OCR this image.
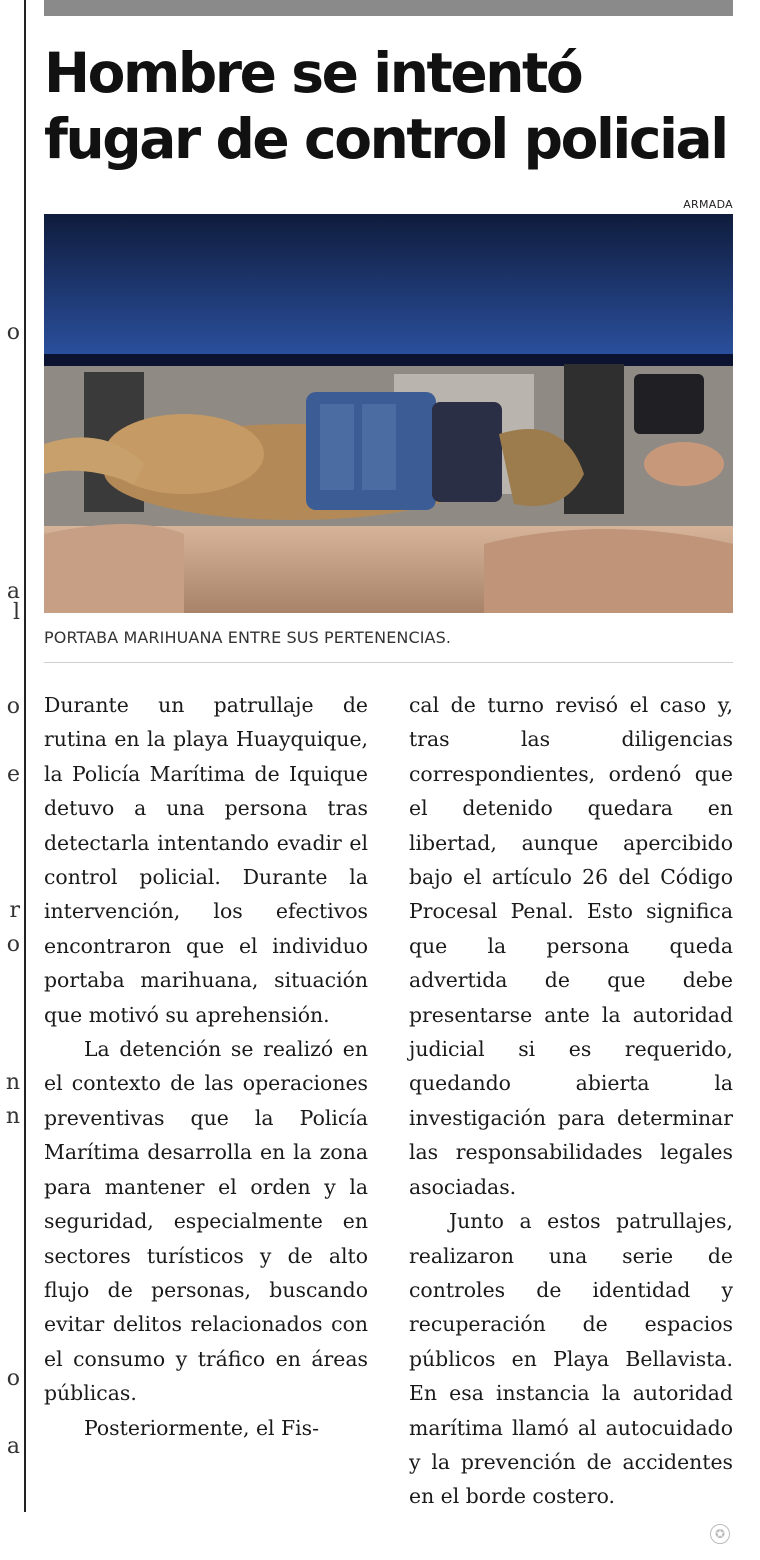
o
a
l
o
e
r
o
n
n
o
a
Hombre se intentó fugar de control policial
ARMADA
PORTABA MARIHUANA ENTRE SUS PERTENENCIAS.

Durante un patrullaje de rutina en la playa Huayquique, la Policía Marítima de Iquique detuvo a una persona tras detectarla intentando evadir el control policial. Durante la intervención, los efectivos encontraron que el individuo portaba marihuana, situación que motivó su aprehensión.

La detención se realizó en el contexto de las operaciones preventivas que la Policía Marítima desarrolla en la zona para mantener el orden y la seguridad, especialmente en sectores turísticos y de alto flujo de personas, buscando evitar delitos relacionados con el consumo y tráfico en áreas públicas.

Posteriormente, el Fis-

cal de turno revisó el caso y, tras las diligencias correspondientes, ordenó que el detenido quedara en libertad, aunque apercibido bajo el artículo 26 del Código Procesal Penal. Esto significa que la persona queda advertida de que debe presentarse ante la autoridad judicial si es requerido, quedando abierta la investigación para determinar las responsabilidades legales asociadas.

Junto a estos patrullajes, realizaron una serie de controles de identidad y recuperación de espacios públicos en Playa Bellavista. En esa instancia la autoridad marítima llamó al autocuidado y la prevención de accidentes en el borde costero.

✪
